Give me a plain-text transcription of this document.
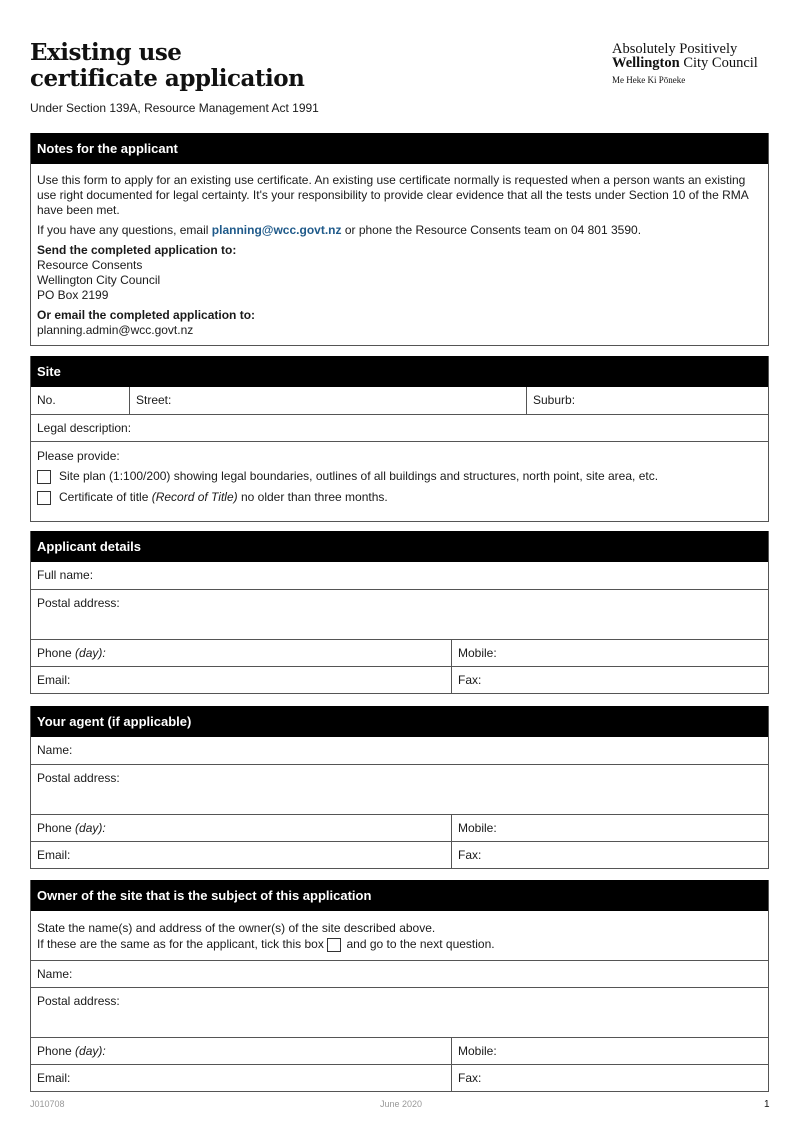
Existing use
certificate application
Under Section 139A, Resource Management Act 1991
Absolutely Positively
Wellington City Council
Me Heke Ki Pōneke
Notes for the applicant

Use this form to apply for an existing use certificate. An existing use certificate normally is requested when a person wants an existing use right documented for legal certainty. It's your responsibility to provide clear evidence that all the tests under Section 10 of the RMA have been met.

If you have any questions, email planning@wcc.govt.nz or phone the Resource Consents team on 04 801 3590.

Send the completed application to:
Resource Consents
Wellington City Council
PO Box 2199

Or email the completed application to:
planning.admin@wcc.govt.nz

Site
No.	Street:	Suburb:
Legal description:
Please provide:
Site plan (1:100/200) showing legal boundaries, outlines of all buildings and structures, north point, site area, etc.
Certificate of title (Record of Title) no older than three months.
Applicant details
Full name:
Postal address:
Phone (day):	Mobile:
Email:	Fax:
Your agent (if applicable)
Name:
Postal address:
Phone (day):	Mobile:
Email:	Fax:
Owner of the site that is the subject of this application
State the name(s) and address of the owner(s) of the site described above.
If these are the same as for the applicant, tick this box  and go to the next question.
Name:
Postal address:
Phone (day):	Mobile:
Email:	Fax:
J010708	June 2020	1
